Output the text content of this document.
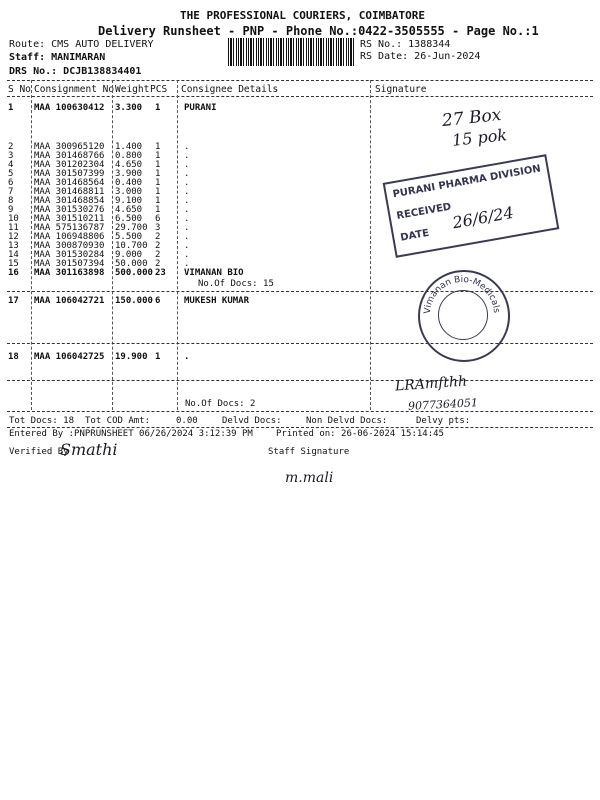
THE PROFESSIONAL COURIERS, COIMBATORE
Delivery Runsheet - PNP - Phone No.:0422-3505555 - Page No.:1
Route: CMS AUTO DELIVERY
Staff: MANIMARAN
DRS No.: DCJB138834401
RS No.: 1388344
RS Date: 26-Jun-2024
S No Consignment No Weight PCS Consignee Details	Signature
1 MAA 100630412 3.300 1	PURANI
2 MAA 300965120 1.400 1	.
3 MAA 301468766 0.800 1	.
4 MAA 301202304 4.650 1	.
5 MAA 301507399 3.900 1	.
6 MAA 301468564 0.400 1	.
7 MAA 301468811 3.000 1	.
8 MAA 301468854 9.100 1	.
9 MAA 301530276 4.650 1	.
10 MAA 301510211 6.500 6	.
11 MAA 575136787 29.700 3	.
12 MAA 106948806 5.500 2	.
13 MAA 300870930 10.700 2	.
14 MAA 301530284 9.000 2	.
15 MAA 301507394 50.000 2	.
16 MAA 301163898 500.000 23 VIMANAN BIO
17 MAA 106042721 150.000 6	MUKESH KUMAR
18 MAA 106042725 19.900 1	.
No.Of Docs: 15
No.Of Docs: 2
Tot Docs: 18 Tot COD Amt:	0.00	Delvd Docs:	Non Delvd Docs:	Delvy pts:
Entered By :PNPRUNSHEET 06/26/2024 3:12:39 PM	Printed on: 26-06-2024 15:14:45
Verified By	Staff Signature
27 Box
15 pok
Smathi
m.mali
LRAmfthh
9077364051
PURANI PHARMA DIVISION
RECEIVED
DATE
26/6/24
Vimanan Bio-Medicals
